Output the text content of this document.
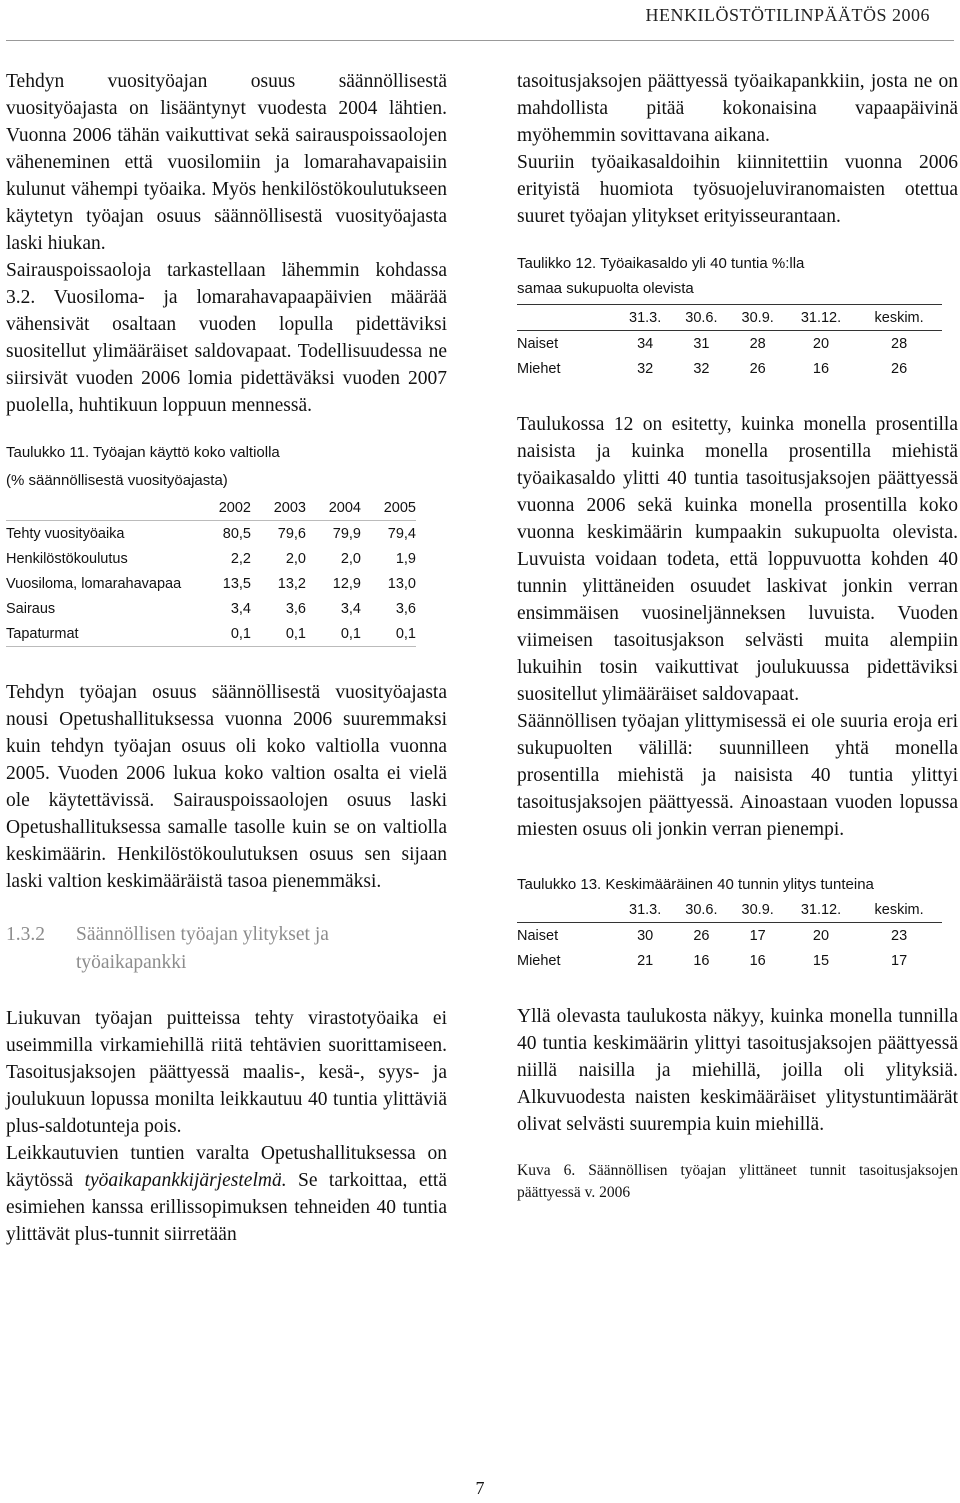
HENKILÖSTÖTILINPÄÄTÖS 2006

Tehdyn vuosityöajan osuus säännöllisestä vuosityöajasta on lisääntynyt vuodesta 2004 lähtien. Vuonna 2006 tähän vaikuttivat sekä sairauspoissaolojen väheneminen että vuosilomiin ja lomarahavapaisiin kulunut vähempi työaika. Myös henkilöstökoulutukseen käytetyn työajan osuus säännöllisestä vuosityöajasta laski hiukan.

Sairauspoissaoloja tarkastellaan lähemmin kohdassa 3.2. Vuosiloma- ja lomarahavapaapäivien määrää vähensivät osaltaan vuoden lopulla pidettäviksi suositellut ylimääräiset saldovapaat. Todellisuudessa ne siirsivät vuoden 2006 lomia pidettäväksi vuoden 2007 puolella, huhtikuun loppuun mennessä.

Taulukko 11. Työajan käyttö koko valtiolla

(% säännöllisestä vuosityöajasta)

	2002	2003	2004	2005
Tehty vuosityöaika	80,5	79,6	79,9	79,4
Henkilöstökoulutus	2,2	2,0	2,0	1,9
Vuosiloma, lomarahavapaa	13,5	13,2	12,9	13,0
Sairaus	3,4	3,6	3,4	3,6
Tapaturmat	0,1	0,1	0,1	0,1

Tehdyn työajan osuus säännöllisestä vuosityöajasta nousi Opetushallituksessa vuonna 2006 suuremmaksi kuin tehdyn työajan osuus oli koko valtiolla vuonna 2005. Vuoden 2006 lukua koko valtion osalta ei vielä ole käytettävissä. Sairauspoissaolojen osuus laski Opetushallituksessa samalle tasolle kuin se on valtiolla keskimäärin. Henkilöstökoulutuksen osuus sen sijaan laski valtion keskimääräistä tasoa pienemmäksi.

1.3.2 Säännöllisen työajan ylitykset ja työaikapankki

Liukuvan työajan puitteissa tehty virastotyöaika ei useimmilla virkamiehillä riitä tehtävien suorittamiseen. Tasoitusjaksojen päättyessä maalis-, kesä-, syys- ja joulukuun lopussa monilta leikkautuu 40 tuntia ylittäviä plus-saldotunteja pois.

Leikkautuvien tuntien varalta Opetushallituksessa on käytössä työaikapankkijärjestelmä. Se tarkoittaa, että esimiehen kanssa erillissopimuksen tehneiden 40 tuntia ylittävät plus-tunnit siirretään

tasoitusjaksojen päättyessä työaikapankkiin, josta ne on mahdollista pitää kokonaisina vapaapäivinä myöhemmin sovittavana aikana.

Suuriin työaikasaldoihin kiinnitettiin vuonna 2006 erityistä huomiota työsuojeluviranomaisten otettua suuret työajan ylitykset erityisseurantaan.

Taulikko 12. Työaikasaldo yli 40 tuntia %:lla

samaa sukupuolta olevista

	31.3.	30.6.	30.9.	31.12.	keskim.
Naiset	34	31	28	20	28
Miehet	32	32	26	16	26

Taulukossa 12 on esitetty, kuinka monella prosentilla naisista ja kuinka monella prosentilla miehistä työaikasaldo ylitti 40 tuntia tasoitusjaksojen päättyessä vuonna 2006 sekä kuinka monella prosentilla koko vuonna keskimäärin kumpaakin sukupuolta olevista. Luvuista voidaan todeta, että loppuvuotta kohden 40 tunnin ylittäneiden osuudet laskivat jonkin verran ensimmäisen vuosineljänneksen luvuista. Vuoden viimeisen tasoitusjakson selvästi muita alempiin lukuihin tosin vaikuttivat joulukuussa pidettäviksi suositellut ylimääräiset saldovapaat.

Säännöllisen työajan ylittymisessä ei ole suuria eroja eri sukupuolten välillä: suunnilleen yhtä monella prosentilla miehistä ja naisista 40 tuntia ylittyi tasoitusjaksojen päättyessä. Ainoastaan vuoden lopussa miesten osuus oli jonkin verran pienempi.

Taulukko 13. Keskimääräinen 40 tunnin ylitys tunteina

	31.3.	30.6.	30.9.	31.12.	keskim.
Naiset	30	26	17	20	23
Miehet	21	16	16	15	17

Yllä olevasta taulukosta näkyy, kuinka monella tunnilla 40 tuntia keskimäärin ylittyi tasoitusjaksojen päättyessä niillä naisilla ja miehillä, joilla oli ylityksiä. Alkuvuodesta naisten keskimääräiset ylitystuntimäärät olivat selvästi suurempia kuin miehillä.

Kuva 6. Säännöllisen työajan ylittäneet tunnit tasoitusjaksojen päättyessä v. 2006

7
